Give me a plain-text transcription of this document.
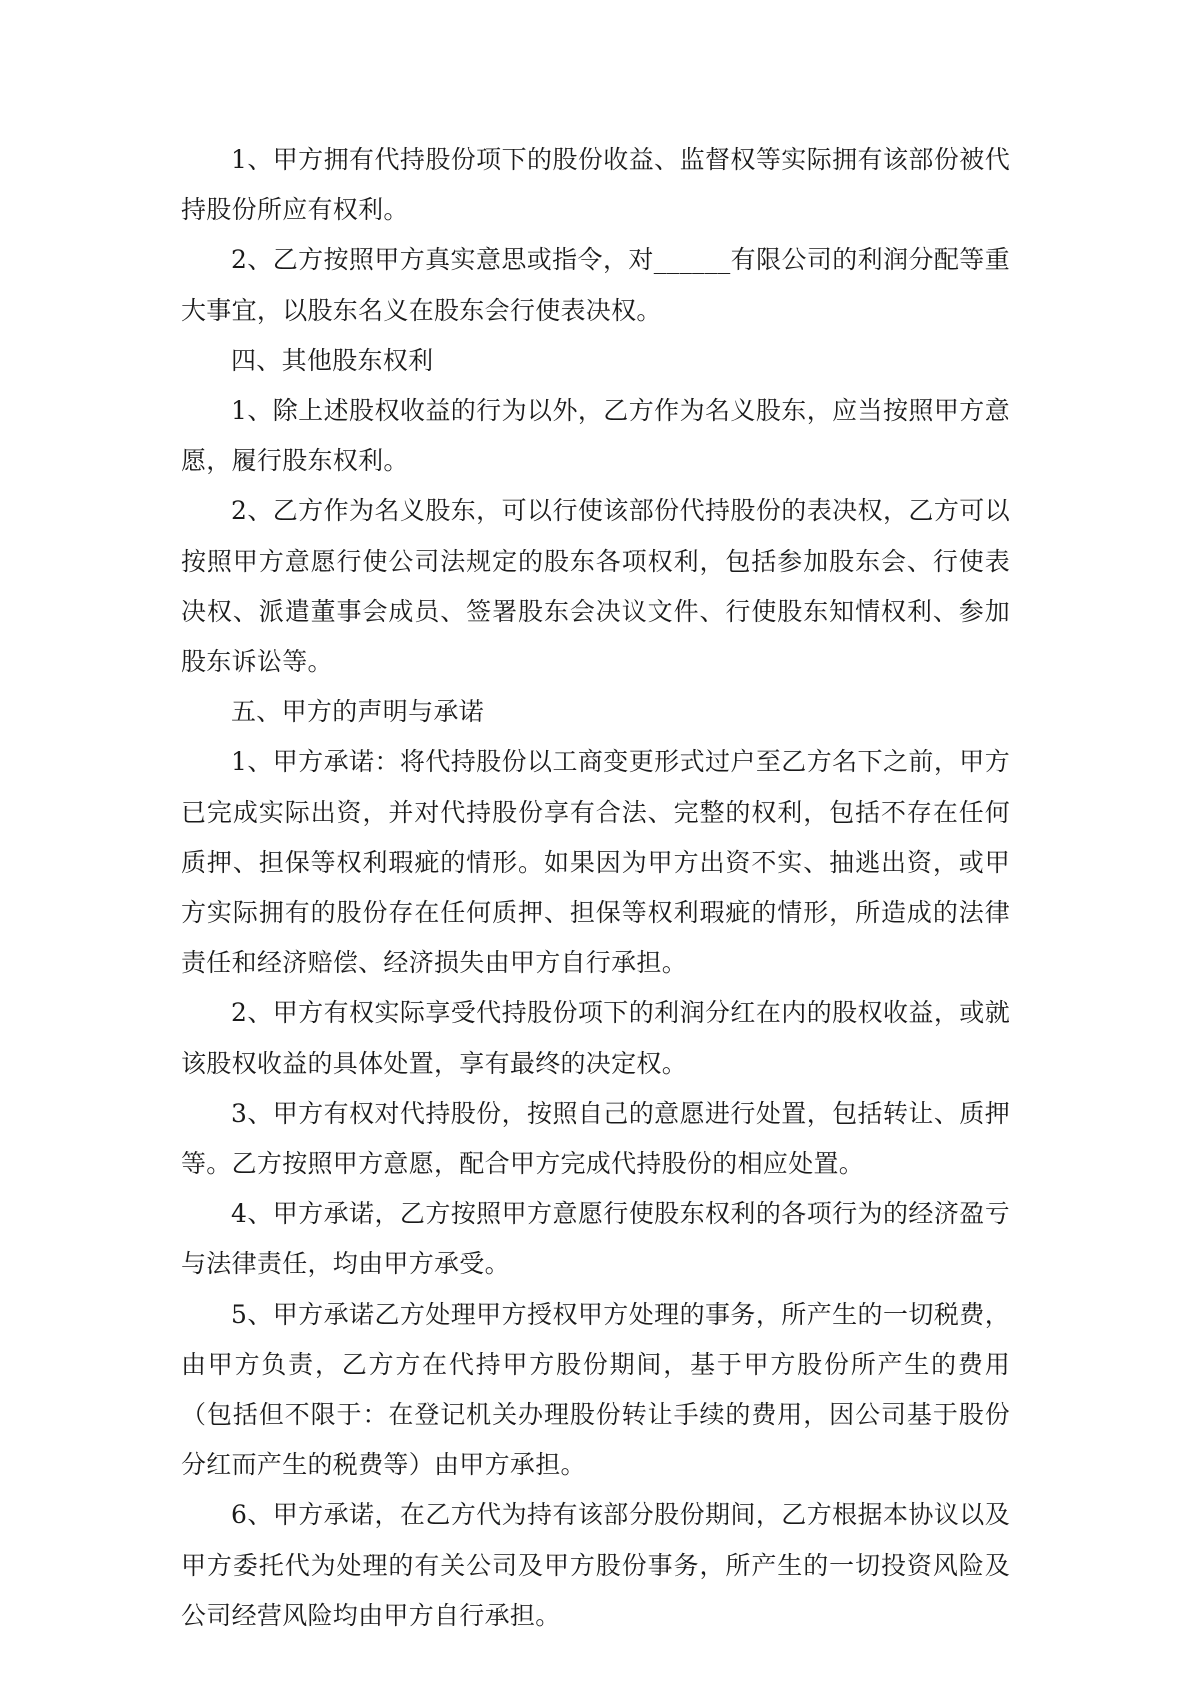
1、甲方拥有代持股份项下的股份收益、监督权等实际拥有该部份被代持股份所应有权利。

2、乙方按照甲方真实意思或指令，对______有限公司的利润分配等重大事宜，以股东名义在股东会行使表决权。

四、其他股东权利

1、除上述股权收益的行为以外，乙方作为名义股东，应当按照甲方意愿，履行股东权利。

2、乙方作为名义股东，可以行使该部份代持股份的表决权，乙方可以按照甲方意愿行使公司法规定的股东各项权利，包括参加股东会、行使表决权、派遣董事会成员、签署股东会决议文件、行使股东知情权利、参加股东诉讼等。

五、甲方的声明与承诺

1、甲方承诺：将代持股份以工商变更形式过户至乙方名下之前，甲方已完成实际出资，并对代持股份享有合法、完整的权利，包括不存在任何质押、担保等权利瑕疵的情形。如果因为甲方出资不实、抽逃出资，或甲方实际拥有的股份存在任何质押、担保等权利瑕疵的情形，所造成的法律责任和经济赔偿、经济损失由甲方自行承担。

2、甲方有权实际享受代持股份项下的利润分红在内的股权收益，或就该股权收益的具体处置，享有最终的决定权。

3、甲方有权对代持股份，按照自己的意愿进行处置，包括转让、质押等。乙方按照甲方意愿，配合甲方完成代持股份的相应处置。

4、甲方承诺，乙方按照甲方意愿行使股东权利的各项行为的经济盈亏与法律责任，均由甲方承受。

5、甲方承诺乙方处理甲方授权甲方处理的事务，所产生的一切税费，由甲方负责，乙方方在代持甲方股份期间，基于甲方股份所产生的费用（包括但不限于：在登记机关办理股份转让手续的费用，因公司基于股份分红而产生的税费等）由甲方承担。

6、甲方承诺，在乙方代为持有该部分股份期间，乙方根据本协议以及甲方委托代为处理的有关公司及甲方股份事务，所产生的一切投资风险及公司经营风险均由甲方自行承担。
